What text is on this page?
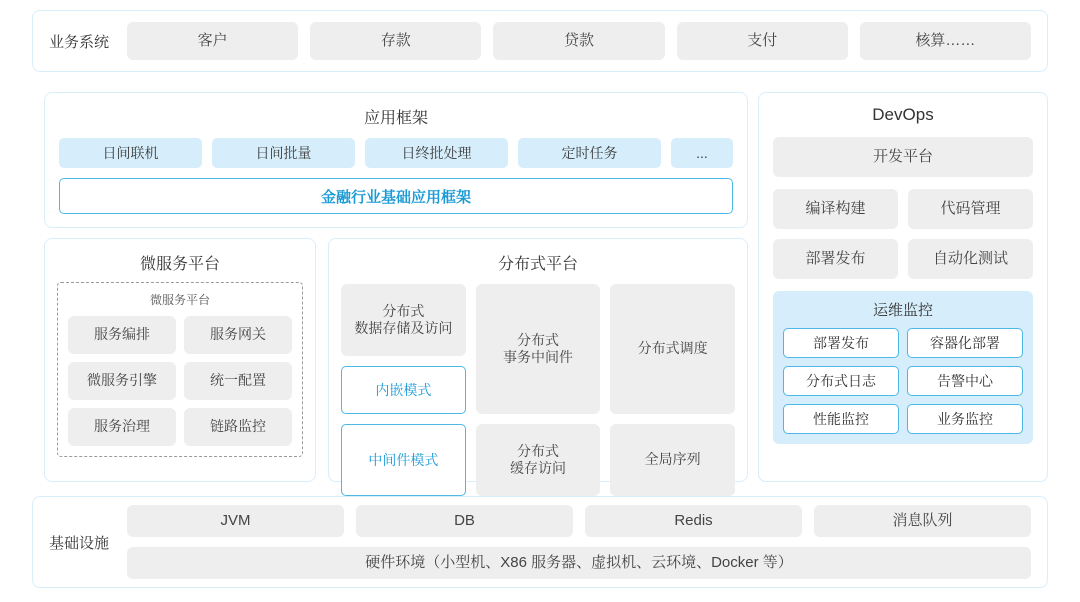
业务系统	客户	存款	贷款	支付	核算……
应用框架
日间联机	日间批量	日终批处理	定时任务	...
金融行业基础应用框架
微服务平台
微服务平台
服务编排	服务网关
微服务引擎	统一配置
服务治理	链路监控
分布式平台
分布式
数据存储及访问
内嵌模式
中间件模式
分布式
事务中间件
分布式
缓存访问
分布式调度
全局序列
DevOps
开发平台
编译构建	代码管理
部署发布	自动化测试
运维监控
部署发布	容器化部署
分布式日志	告警中心
性能监控	业务监控
基础设施
JVM	DB	Redis	消息队列
硬件环境（小型机、X86 服务器、虚拟机、云环境、Docker 等）
